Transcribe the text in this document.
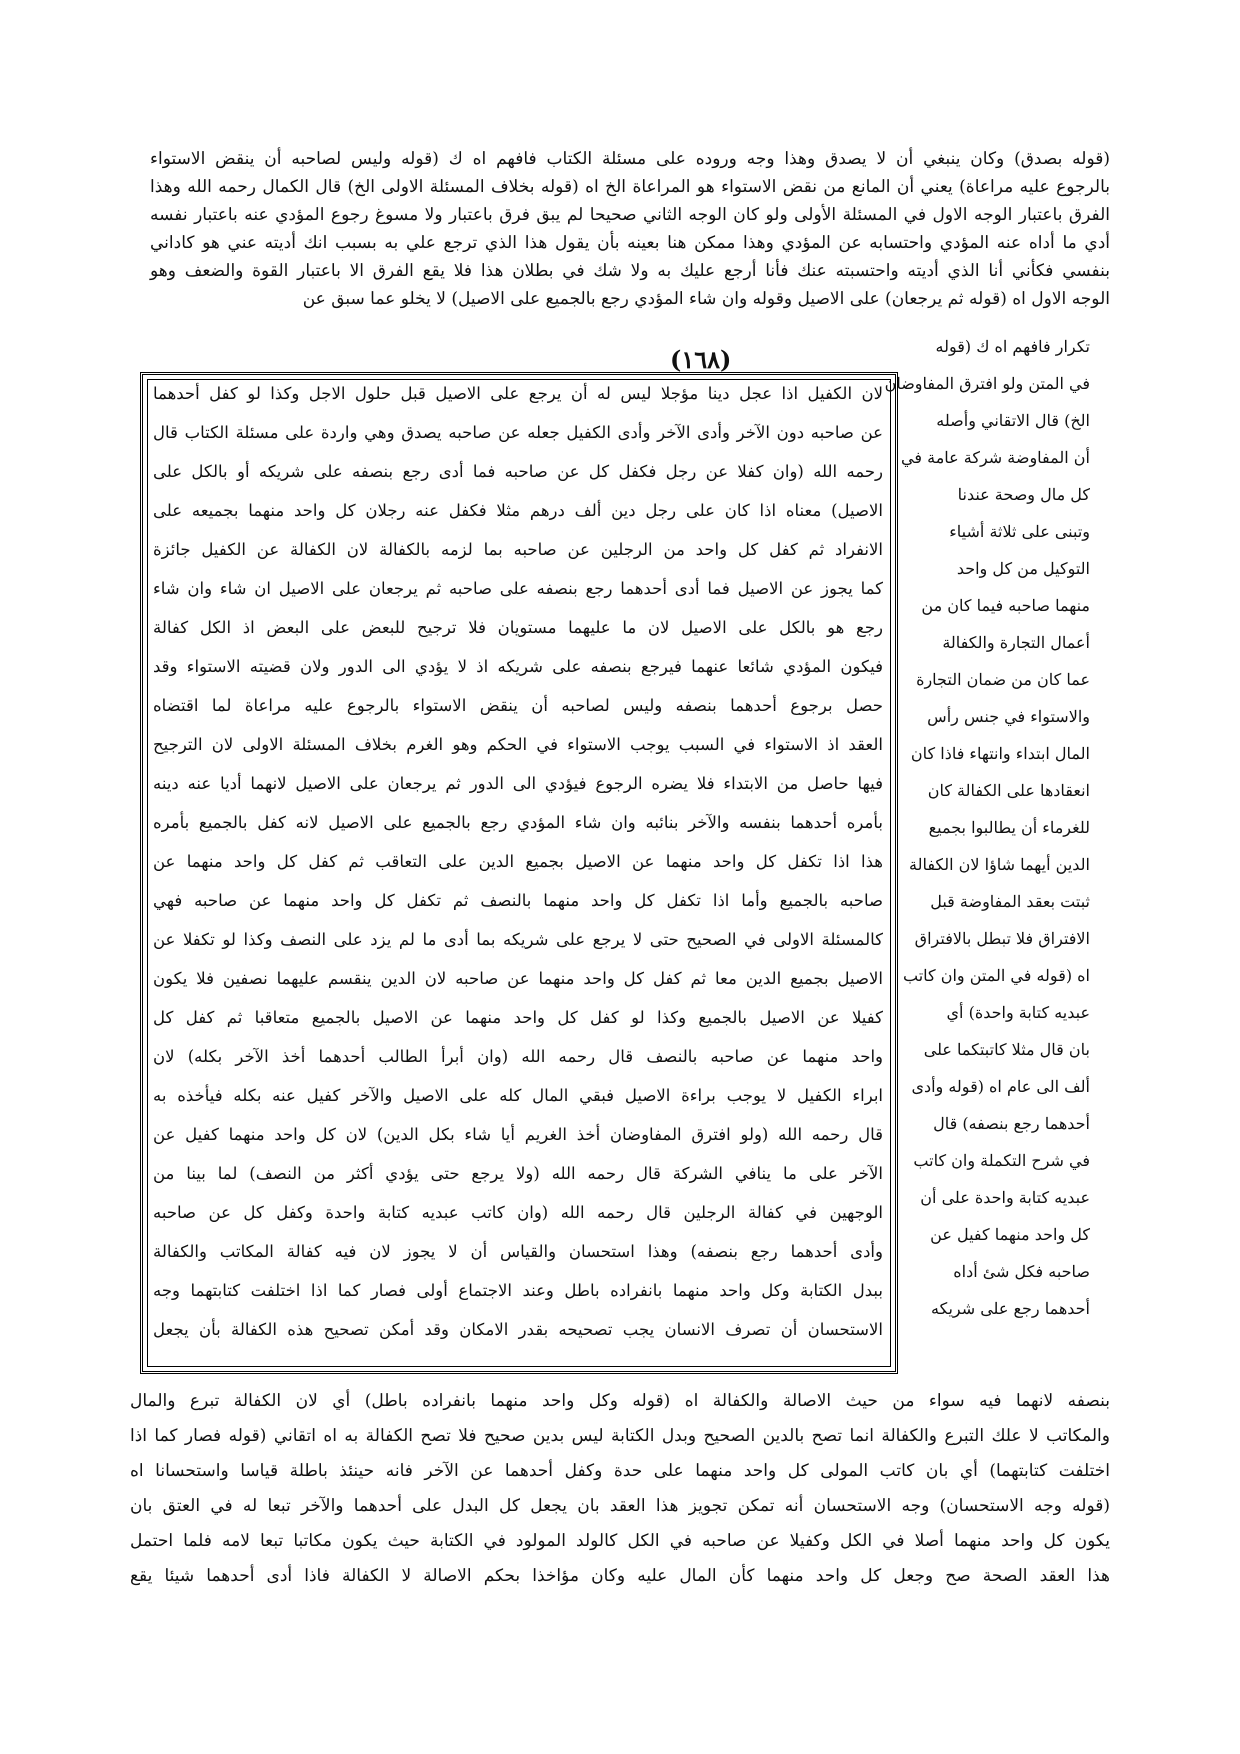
(قوله بصدق) وكان ينبغي أن لا يصدق وهذا وجه وروده على مسئلة الكتاب فافهم اه ك (قوله وليس لصاحبه أن ينقض الاستواء
بالرجوع عليه مراعاة) يعني أن المانع من نقض الاستواء هو المراعاة الخ اه (قوله بخلاف المسئلة الاولى الخ) قال الكمال رحمه الله وهذا
الفرق باعتبار الوجه الاول في المسئلة الأولى ولو كان الوجه الثاني صحيحا لم يبق فرق باعتبار ولا مسوغ رجوع المؤدي عنه باعتبار نفسه
أدي ما أداه عنه المؤدي واحتسابه عن المؤدي وهذا ممكن هنا بعينه بأن يقول هذا الذي ترجع علي به بسبب انك أديته عني هو كاداني
بنفسي فكأني أنا الذي أديته واحتسبته عنك فأنا أرجع عليك به ولا شك في بطلان هذا فلا يقع الفرق الا باعتبار القوة والضعف وهو
الوجه الاول اه (قوله ثم يرجعان) على الاصيل وقوله وان شاء المؤدي رجع بالجميع على الاصيل) لا يخلو عما سبق عن
(١٦٨)
لان الكفيل اذا عجل دينا مؤجلا ليس له أن يرجع على الاصيل قبل حلول الاجل وكذا لو كفل أحدهما
عن صاحبه دون الآخر وأدى الآخر وأدى الكفيل جعله عن صاحبه يصدق وهي واردة على مسئلة الكتاب قال
رحمه الله (وان كفلا عن رجل فكفل كل عن صاحبه فما أدى رجع بنصفه على شريكه أو بالكل على
الاصيل) معناه اذا كان على رجل دين ألف درهم مثلا فكفل عنه رجلان كل واحد منهما بجميعه على
الانفراد ثم كفل كل واحد من الرجلين عن صاحبه بما لزمه بالكفالة لان الكفالة عن الكفيل جائزة
كما يجوز عن الاصيل فما أدى أحدهما رجع بنصفه على صاحبه ثم يرجعان على الاصيل ان شاء وان شاء
رجع هو بالكل على الاصيل لان ما عليهما مستويان فلا ترجيح للبعض على البعض اذ الكل كفالة
فيكون المؤدي شائعا عنهما فيرجع بنصفه على شريكه اذ لا يؤدي الى الدور ولان قضيته الاستواء وقد
حصل برجوع أحدهما بنصفه وليس لصاحبه أن ينقض الاستواء بالرجوع عليه مراعاة لما اقتضاه
العقد اذ الاستواء في السبب يوجب الاستواء في الحكم وهو الغرم بخلاف المسئلة الاولى لان الترجيح
فيها حاصل من الابتداء فلا يضره الرجوع فيؤدي الى الدور ثم يرجعان على الاصيل لانهما أديا عنه دينه
بأمره أحدهما بنفسه والآخر بنائبه وان شاء المؤدي رجع بالجميع على الاصيل لانه كفل بالجميع بأمره
هذا اذا تكفل كل واحد منهما عن الاصيل بجميع الدين على التعاقب ثم كفل كل واحد منهما عن
صاحبه بالجميع وأما اذا تكفل كل واحد منهما بالنصف ثم تكفل كل واحد منهما عن صاحبه فهي
كالمسئلة الاولى في الصحيح حتى لا يرجع على شريكه بما أدى ما لم يزد على النصف وكذا لو تكفلا عن
الاصيل بجميع الدين معا ثم كفل كل واحد منهما عن صاحبه لان الدين ينقسم عليهما نصفين فلا يكون
كفيلا عن الاصيل بالجميع وكذا لو كفل كل واحد منهما عن الاصيل بالجميع متعاقبا ثم كفل كل
واحد منهما عن صاحبه بالنصف قال رحمه الله (وان أبرأ الطالب أحدهما أخذ الآخر بكله) لان
ابراء الكفيل لا يوجب براءة الاصيل فبقي المال كله على الاصيل والآخر كفيل عنه بكله فيأخذه به
قال رحمه الله (ولو افترق المفاوضان أخذ الغريم أيا شاء بكل الدين) لان كل واحد منهما كفيل عن
الآخر على ما ينافي الشركة قال رحمه الله (ولا يرجع حتى يؤدي أكثر من النصف) لما بينا من
الوجهين في كفالة الرجلين قال رحمه الله (وان كاتب عبديه كتابة واحدة وكفل كل عن صاحبه
وأدى أحدهما رجع بنصفه) وهذا استحسان والقياس أن لا يجوز لان فيه كفالة المكاتب والكفالة
ببدل الكتابة وكل واحد منهما بانفراده باطل وعند الاجتماع أولى فصار كما اذا اختلفت كتابتهما وجه
الاستحسان أن تصرف الانسان يجب تصحيحه بقدر الامكان وقد أمكن تصحيح هذه الكفالة بأن يجعل
تكرار فافهم اه ك (قوله
في المتن ولو افترق المفاوضان
الخ) قال الاتقاني وأصله
أن المفاوضة شركة عامة في
كل مال وصحة عندنا
وتبنى على ثلاثة أشياء
التوكيل من كل واحد
منهما صاحبه فيما كان من
أعمال التجارة والكفالة
عما كان من ضمان التجارة
والاستواء في جنس رأس
المال ابتداء وانتهاء فاذا كان
انعقادها على الكفالة كان
للغرماء أن يطالبوا بجميع
الدين أيهما شاؤا لان الكفالة
ثبتت بعقد المفاوضة قبل
الافتراق فلا تبطل بالافتراق
اه (قوله في المتن وان كاتب
عبديه كتابة واحدة) أي
بان قال مثلا كاتبتكما على
ألف الى عام اه (قوله وأدى
أحدهما رجع بنصفه) قال
في شرح التكملة وان كاتب
عبديه كتابة واحدة على أن
كل واحد منهما كفيل عن
صاحبه فكل شئ أداه
أحدهما رجع على شريكه
بنصفه لانهما فيه سواء من حيث الاصالة والكفالة اه (قوله وكل واحد منهما بانفراده باطل) أي لان الكفالة تبرع والمال
والمكاتب لا علك التبرع والكفالة انما تصح بالدين الصحيح وبدل الكتابة ليس بدين صحيح فلا تصح الكفالة به اه اتقاني (قوله فصار كما اذا
اختلفت كتابتهما) أي بان كاتب المولى كل واحد منهما على حدة وكفل أحدهما عن الآخر فانه حينئذ باطلة قياسا واستحسانا اه
(قوله وجه الاستحسان) وجه الاستحسان أنه تمكن تجويز هذا العقد بان يجعل كل البدل على أحدهما والآخر تبعا له في العتق بان
يكون كل واحد منهما أصلا في الكل وكفيلا عن صاحبه في الكل كالولد المولود في الكتابة حيث يكون مكاتبا تبعا لامه فلما احتمل
هذا العقد الصحة صح وجعل كل واحد منهما كأن المال عليه وكان مؤاخذا بحكم الاصالة لا الكفالة فاذا أدى أحدهما شيئا يقع
